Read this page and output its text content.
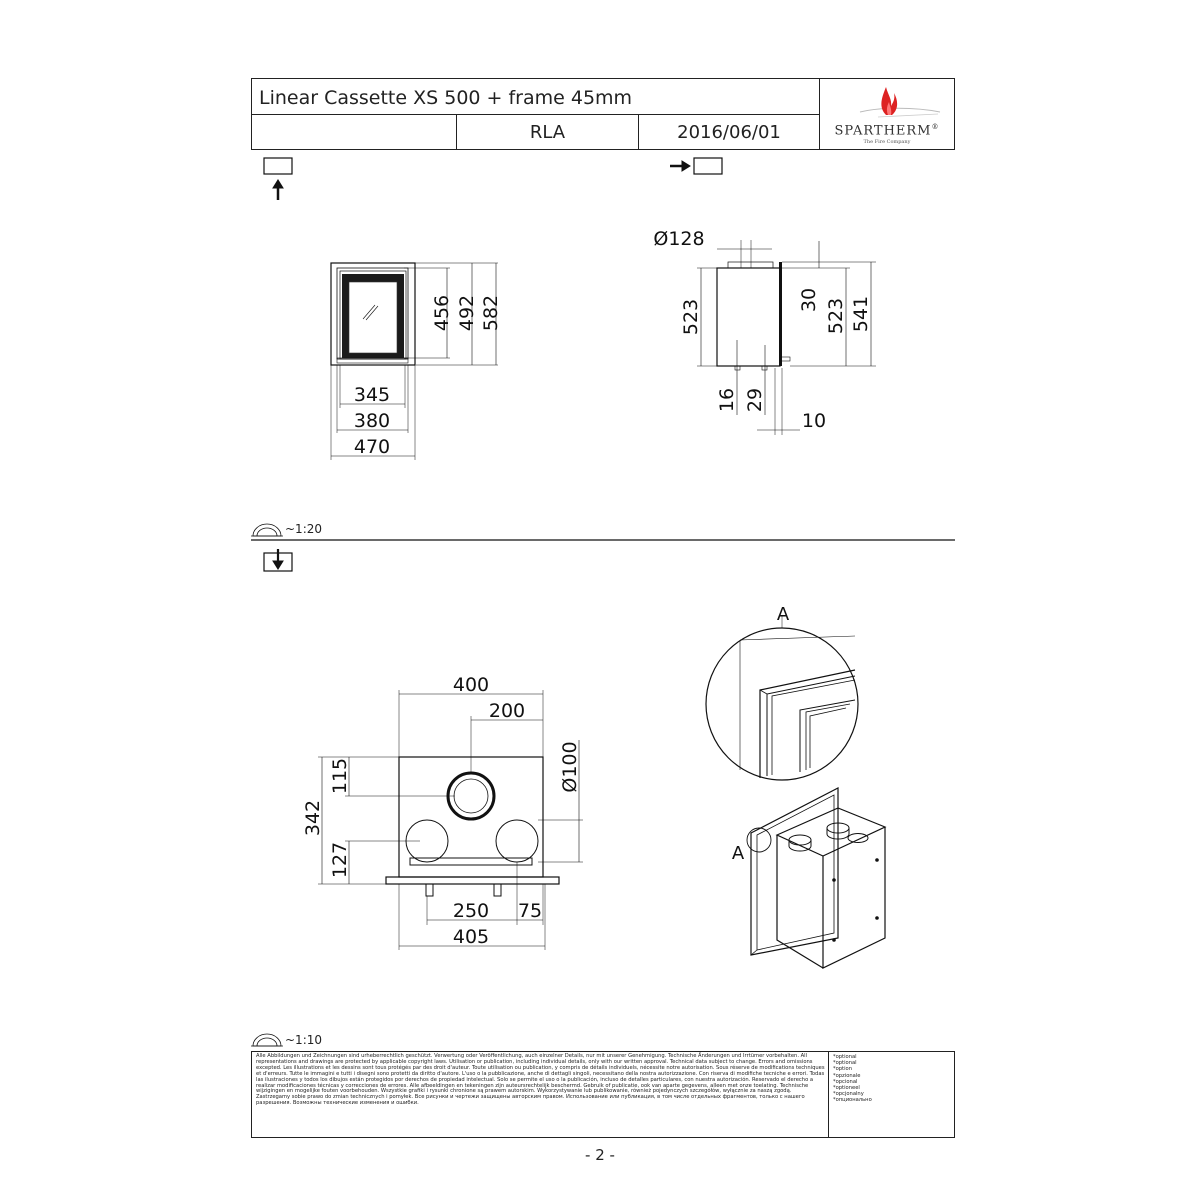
Linear Cassette XS 500 + frame 45mm
RLA	2016/06/01	SPARTHERM®
The Fire Company
456 492 582
345
380
470
Ø128
523	30 523 541
16 29
10
400
200
Ø100
115
342
127
250 75
405
A
A
~1:20
~1:10
Alle Abbildungen und Zeichnungen sind urheberrechtlich geschützt. Verwertung oder Veröffentlichung, auch einzelner Details, nur mit unserer Genehmigung. Technische Änderungen und Irrtümer vorbehalten. All representations and drawings are protected by applicable copyright laws. Utilisation or publication, including individual details, only with our written approval. Technical data subject to change. Errors and omissions excepted. Les illustrations et les dessins sont tous protégés par des droit d'auteur. Toute utilisation ou publication, y compris de détails individuels, nécessite notre autorisation. Sous réserve de modifications techniques et d'erreurs. Tutte le immagini e tutti i disegni sono protetti da diritto d'autore. L'uso o la pubblicazione, anche di dettagli singoli, necessitano della nostra autorizzazione. Con riserva di modifiche tecniche e errori. Todas las ilustraciones y todos los dibujos están protegidos por derechos de propiedad intelectual. Solo se permite el uso o la publicación, incluso de detalles particulares, con nuestra autorización. Reservado el derecho a realizar modificaciones técnicas y correcciones de errores. Alle afbeeldingen en tekeningen zijn auteursrechtelijk beschermd. Gebruik of publicatie, ook van aparte gegevens, alleen met onze toelating. Technische wijzigingen en mogelijke fouten voorbehouden. Wszystkie grafiki i rysunki chronione są prawem autorskim. Wykorzystywanie lub publikowanie, również pojedynczych szczegółów, wyłącznie za naszą zgodą. Zastrzegamy sobie prawo do zmian technicznych i pomyłek. Все рисунки и чертежи защищены авторским правом. Использование или публикация, в том числе отдельных фрагментов, только с нашего разрешения. Возможны технические изменения и ошибки.
*optional
*optional
*option
*opzionale
*opcional
*optioneel
*opcjonalny
*опционально
- 2 -
